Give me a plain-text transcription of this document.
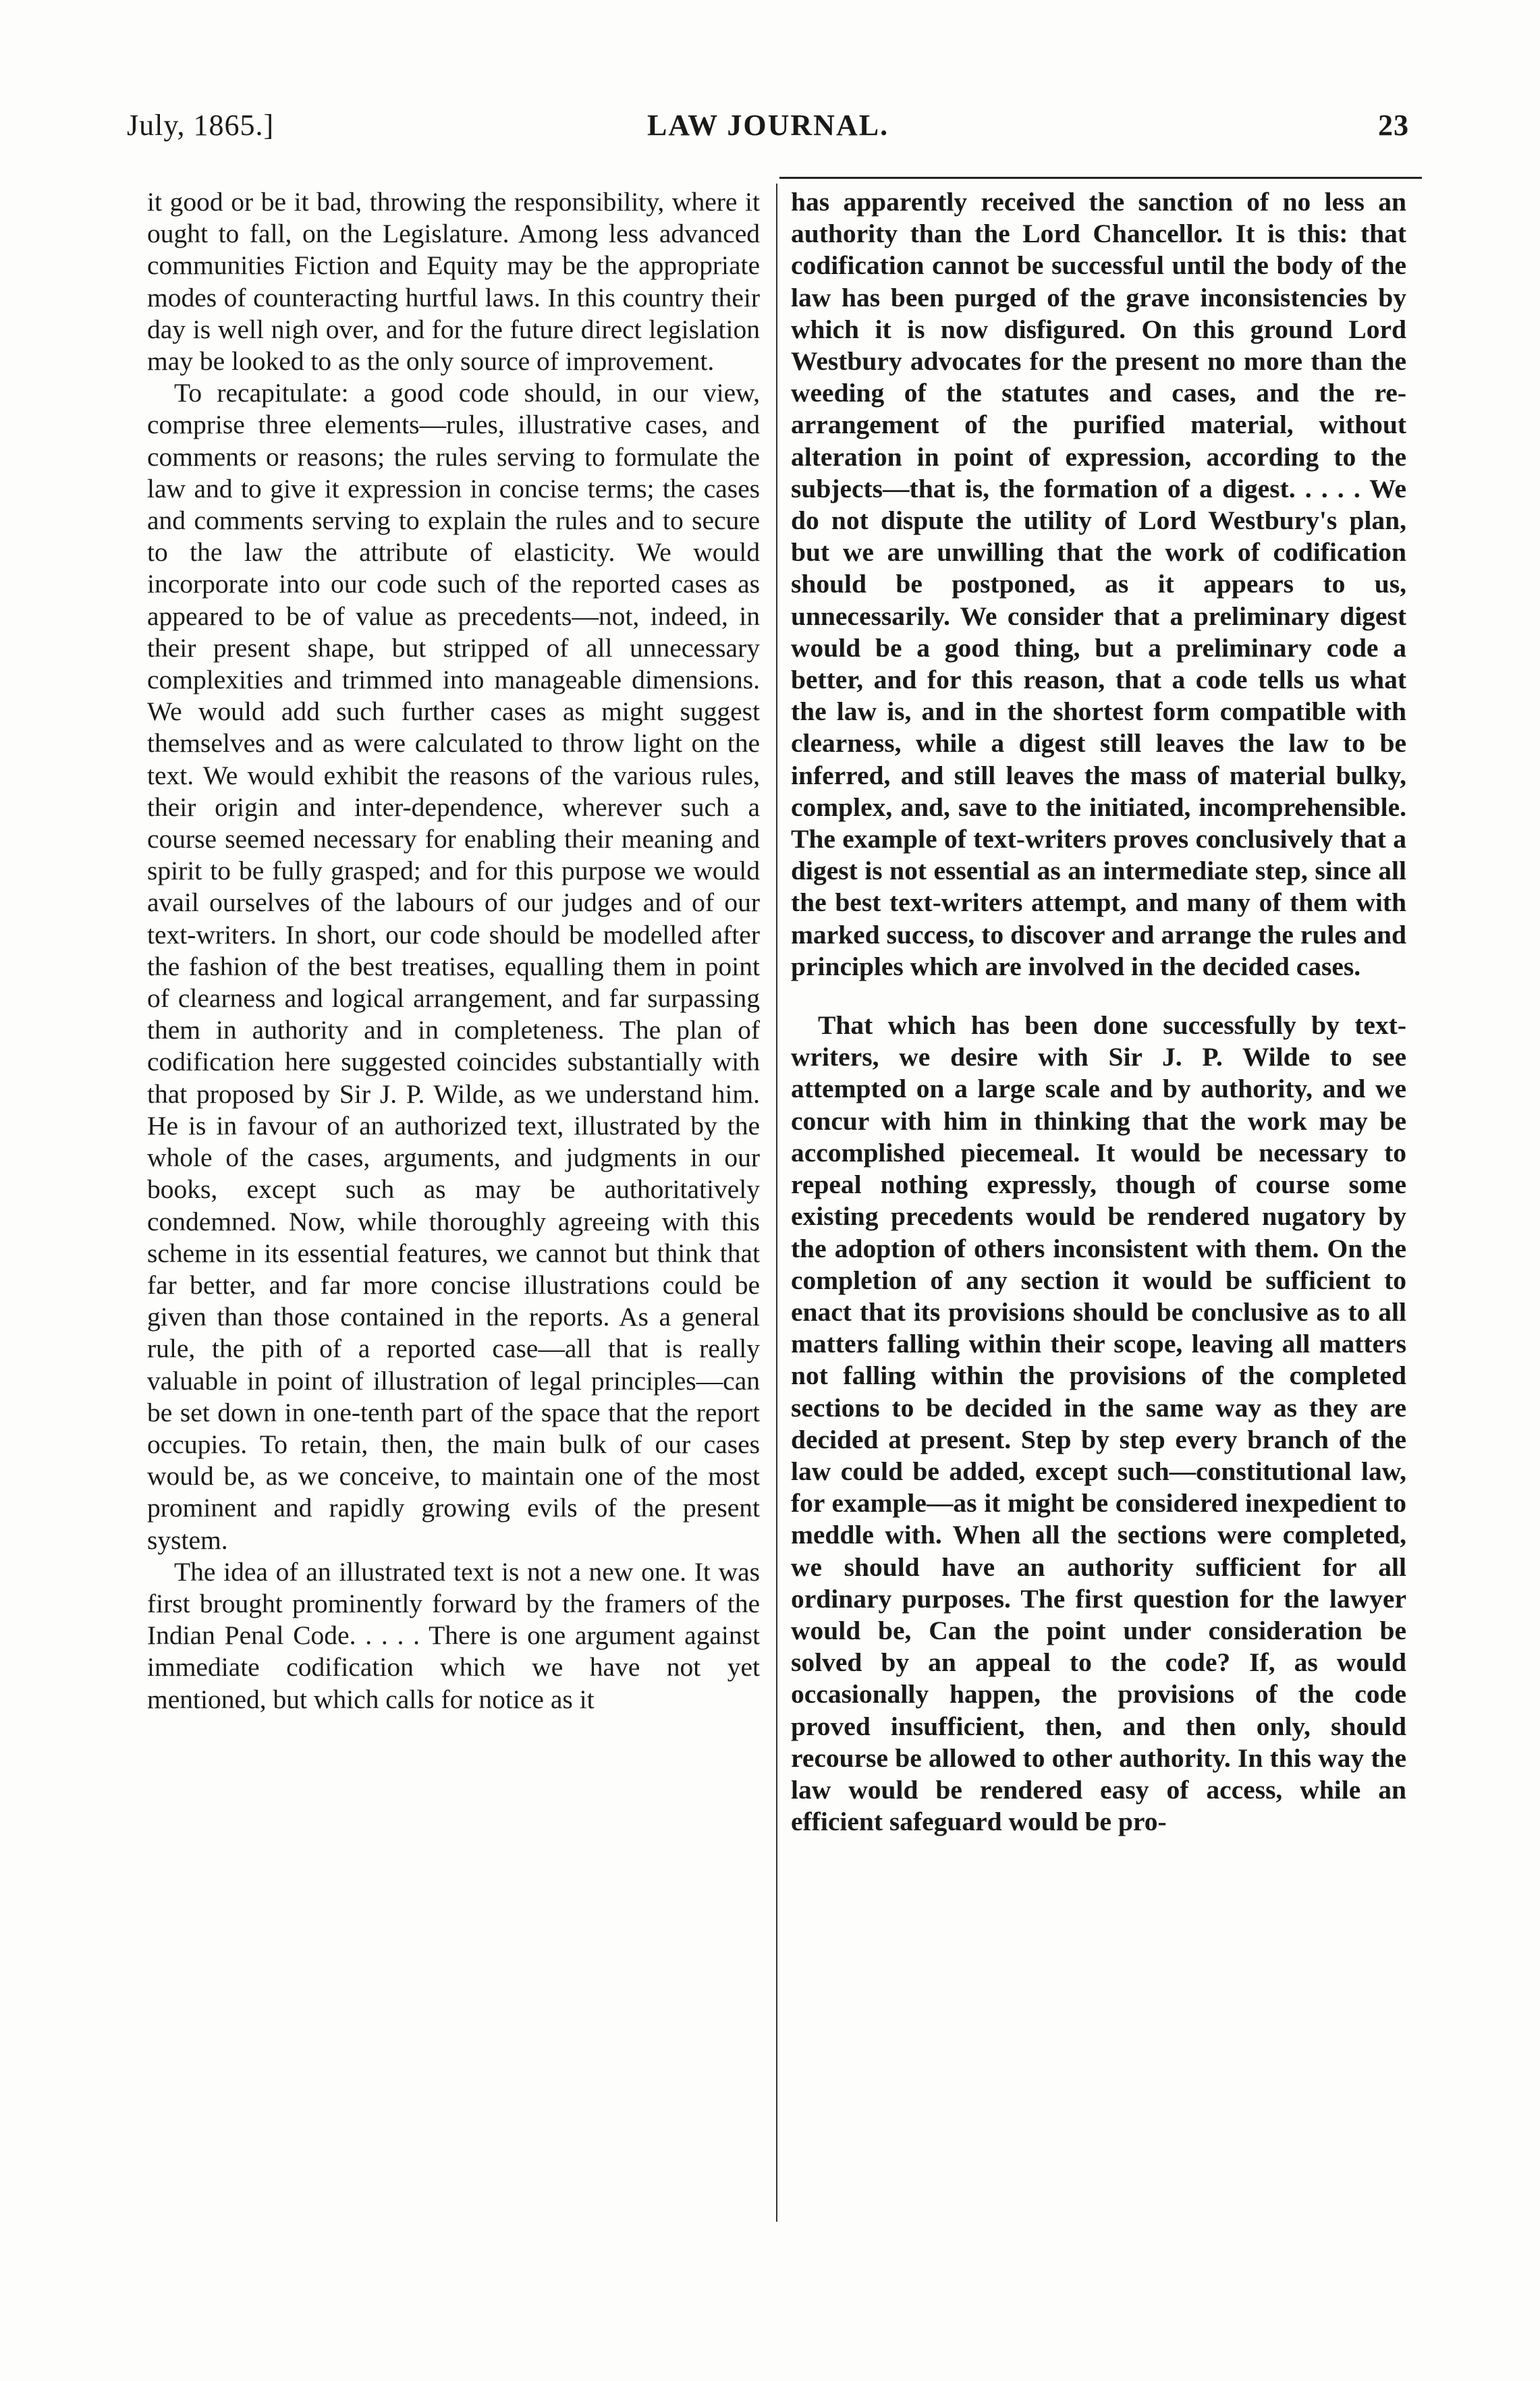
July, 1865.]	LAW JOURNAL.	23

it good or be it bad, throwing the responsibility, where it ought to fall, on the Legislature. Among less advanced communities Fiction and Equity may be the appropriate modes of counteracting hurtful laws. In this country their day is well nigh over, and for the future direct legislation may be looked to as the only source of improvement.

To recapitulate: a good code should, in our view, comprise three elements—rules, illustrative cases, and comments or reasons; the rules serving to formulate the law and to give it expression in concise terms; the cases and comments serving to explain the rules and to secure to the law the attribute of elasticity. We would incorporate into our code such of the reported cases as appeared to be of value as precedents—not, indeed, in their present shape, but stripped of all unnecessary complexities and trimmed into manageable dimensions. We would add such further cases as might suggest themselves and as were calculated to throw light on the text. We would exhibit the reasons of the various rules, their origin and inter-dependence, wherever such a course seemed necessary for enabling their meaning and spirit to be fully grasped; and for this purpose we would avail ourselves of the labours of our judges and of our text-writers. In short, our code should be modelled after the fashion of the best treatises, equalling them in point of clearness and logical arrangement, and far surpassing them in authority and in completeness. The plan of codification here suggested coincides substantially with that proposed by Sir J. P. Wilde, as we understand him. He is in favour of an authorized text, illustrated by the whole of the cases, arguments, and judgments in our books, except such as may be authoritatively condemned. Now, while thoroughly agreeing with this scheme in its essential features, we cannot but think that far better, and far more concise illustrations could be given than those contained in the reports. As a general rule, the pith of a reported case—all that is really valuable in point of illustration of legal principles—can be set down in one-tenth part of the space that the report occupies. To retain, then, the main bulk of our cases would be, as we conceive, to maintain one of the most prominent and rapidly growing evils of the present system.

The idea of an illustrated text is not a new one. It was first brought prominently forward by the framers of the Indian Penal Code. . . . . There is one argument against immediate codification which we have not yet mentioned, but which calls for notice as it

has apparently received the sanction of no less an authority than the Lord Chancellor. It is this: that codification cannot be successful until the body of the law has been purged of the grave inconsistencies by which it is now disfigured. On this ground Lord Westbury advocates for the present no more than the weeding of the statutes and cases, and the re-arrangement of the purified material, without alteration in point of expression, according to the subjects—that is, the formation of a digest. . . . . We do not dispute the utility of Lord Westbury's plan, but we are unwilling that the work of codification should be postponed, as it appears to us, unnecessarily. We consider that a preliminary digest would be a good thing, but a preliminary code a better, and for this reason, that a code tells us what the law is, and in the shortest form compatible with clearness, while a digest still leaves the law to be inferred, and still leaves the mass of material bulky, complex, and, save to the initiated, incomprehensible. The example of text-writers proves conclusively that a digest is not essential as an intermediate step, since all the best text-writers attempt, and many of them with marked success, to discover and arrange the rules and principles which are involved in the decided cases.

That which has been done successfully by text-writers, we desire with Sir J. P. Wilde to see attempted on a large scale and by authority, and we concur with him in thinking that the work may be accomplished piecemeal. It would be necessary to repeal nothing expressly, though of course some existing precedents would be rendered nugatory by the adoption of others inconsistent with them. On the completion of any section it would be sufficient to enact that its provisions should be conclusive as to all matters falling within their scope, leaving all matters not falling within the provisions of the completed sections to be decided in the same way as they are decided at present. Step by step every branch of the law could be added, except such—constitutional law, for example—as it might be considered inexpedient to meddle with. When all the sections were completed, we should have an authority sufficient for all ordinary purposes. The first question for the lawyer would be, Can the point under consideration be solved by an appeal to the code? If, as would occasionally happen, the provisions of the code proved insufficient, then, and then only, should recourse be allowed to other authority. In this way the law would be rendered easy of access, while an efficient safeguard would be pro-
